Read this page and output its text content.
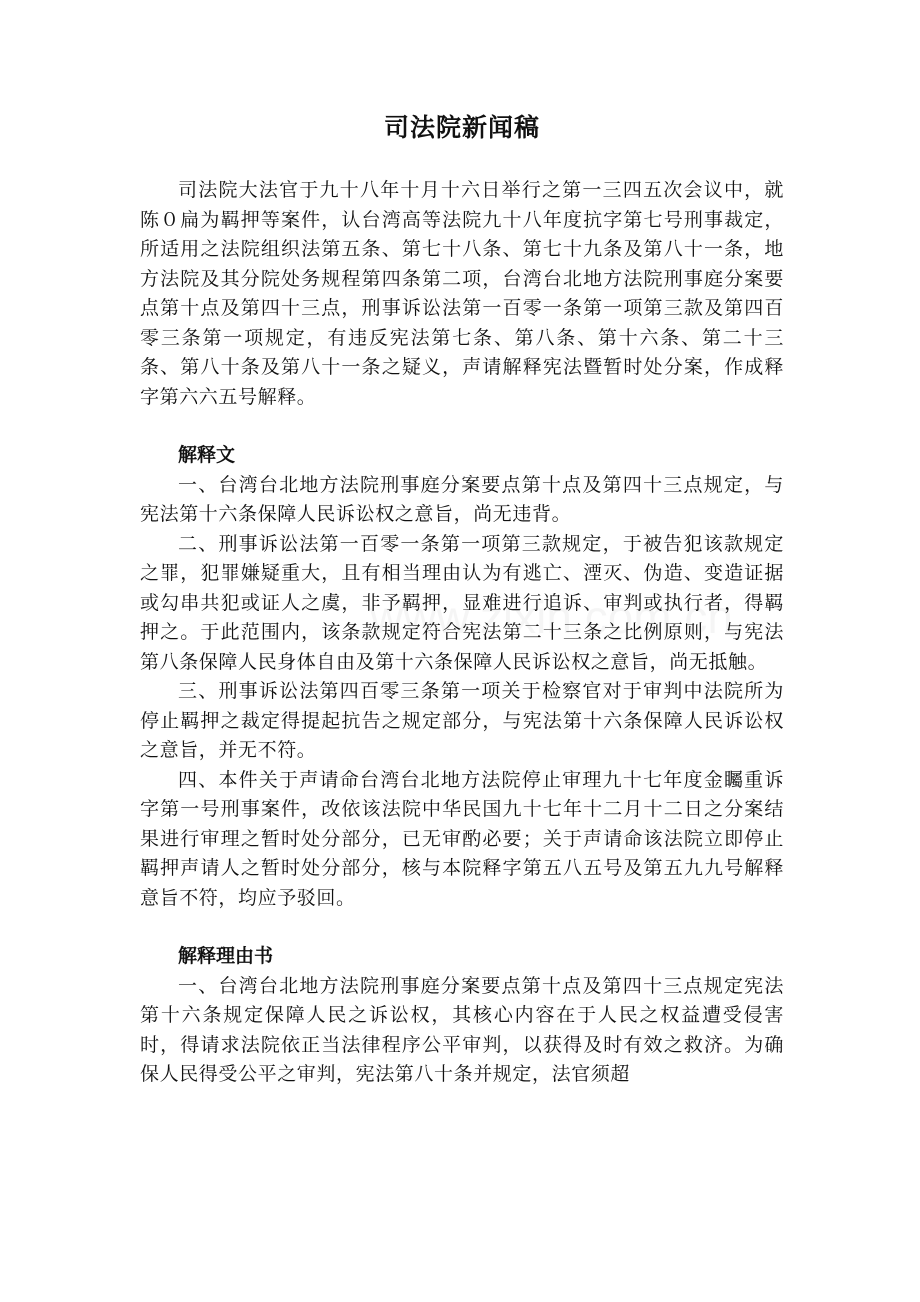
司法院新闻稿

司法院大法官于九十八年十月十六日举行之第一三四五次会议中，就陈０扁为羁押等案件，认台湾高等法院九十八年度抗字第七号刑事裁定，所适用之法院组织法第五条、第七十八条、第七十九条及第八十一条，地方法院及其分院处务规程第四条第二项，台湾台北地方法院刑事庭分案要点第十点及第四十三点，刑事诉讼法第一百零一条第一项第三款及第四百零三条第一项规定，有违反宪法第七条、第八条、第十六条、第二十三条、第八十条及第八十一条之疑义，声请解释宪法暨暂时处分案，作成释字第六六五号解释。

解释文

一、台湾台北地方法院刑事庭分案要点第十点及第四十三点规定，与宪法第十六条保障人民诉讼权之意旨，尚无违背。

二、刑事诉讼法第一百零一条第一项第三款规定，于被告犯该款规定之罪，犯罪嫌疑重大，且有相当理由认为有逃亡、湮灭、伪造、变造证据或勾串共犯或证人之虞，非予羁押，显难进行追诉、审判或执行者，得羁押之。于此范围内，该条款规定符合宪法第二十三条之比例原则，与宪法第八条保障人民身体自由及第十六条保障人民诉讼权之意旨，尚无抵触。

三、刑事诉讼法第四百零三条第一项关于检察官对于审判中法院所为停止羁押之裁定得提起抗告之规定部分，与宪法第十六条保障人民诉讼权之意旨，并无不符。

四、本件关于声请命台湾台北地方法院停止审理九十七年度金矚重诉字第一号刑事案件，改依该法院中华民国九十七年十二月十二日之分案结果进行审理之暂时处分部分，已无审酌必要；关于声请命该法院立即停止羁押声请人之暂时处分部分，核与本院释字第五八五号及第五九九号解释意旨不符，均应予驳回。

解释理由书

一、台湾台北地方法院刑事庭分案要点第十点及第四十三点规定宪法第十六条规定保障人民之诉讼权，其核心内容在于人民之权益遭受侵害时，得请求法院依正当法律程序公平审判，以获得及时有效之救济。为确保人民得受公平之审判，宪法第八十条并规定，法官须超
